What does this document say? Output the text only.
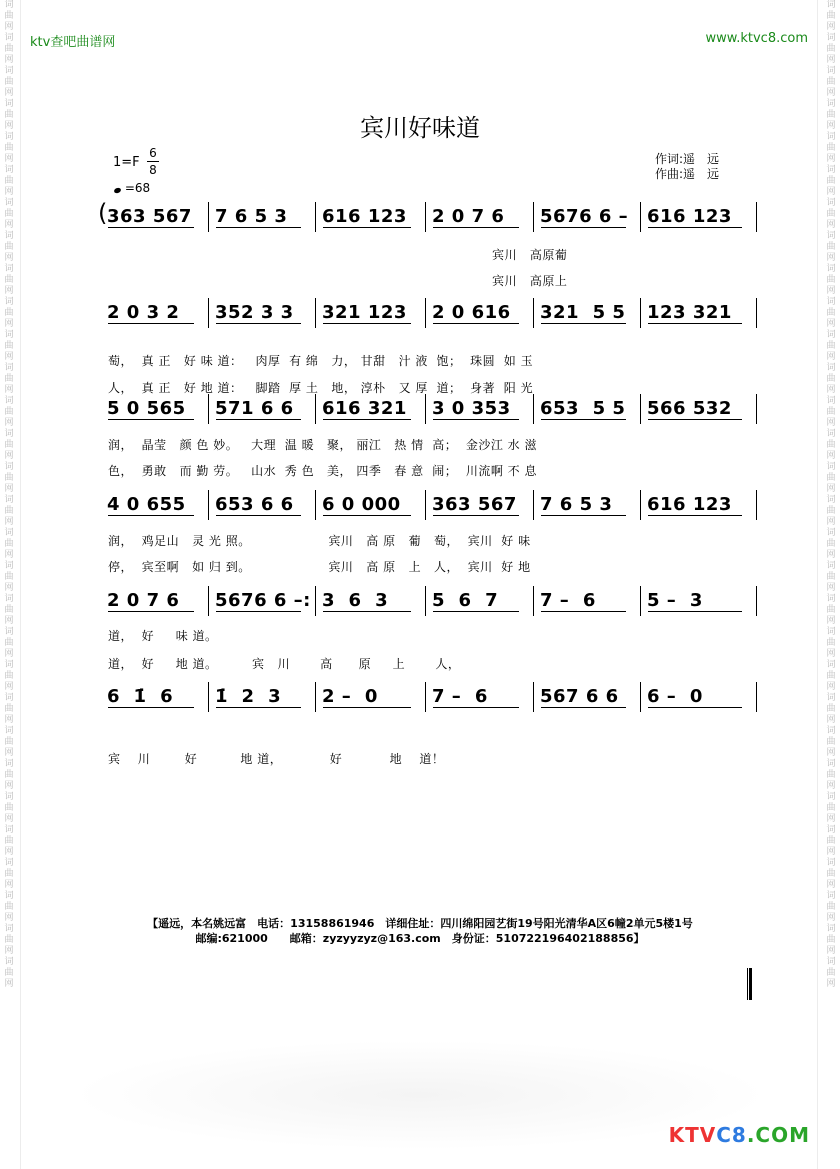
词曲网词曲网词曲网词曲网词曲网词曲网词曲网词曲网词曲网词曲网词曲网词曲网词曲网词曲网词曲网词曲网词曲网词曲网词曲网词曲网词曲网词曲网词曲网词曲网词曲网词曲网词曲网词曲网词曲网词曲网
词曲网词曲网词曲网词曲网词曲网词曲网词曲网词曲网词曲网词曲网词曲网词曲网词曲网词曲网词曲网词曲网词曲网词曲网词曲网词曲网词曲网词曲网词曲网词曲网词曲网词曲网词曲网词曲网词曲网词曲网
ktv查吧曲谱网	www.ktvc8.com
宾川好味道
1=F
6
8
=68
作词:遥　远
作曲:遥　远
( 363 567	7 6 5 3	616 123	2 0 7 6	5676 6 –	616 123
2 0 3 2	352 3 3	321 123	2 0 616	321  5 5	123 321
5 0 565	571 6 6	616 321	3 0 353	653  5 5	566 532
4 0 655	653 6 6	6 0 000	363 567	7 6 5 3	616 123
2 0 7 6	5676 6 –: 3  6  3	5  6  7	7 –  6	5 –  3
6  1̇  6	1̇  2  3	2 –  0	7 –  6	567 6 6	6 –  0
宾川   高原葡
宾川   高原上
萄，  真 正   好 味 道：   肉厚  有 绵   力， 甘甜   汁 液  饱；  珠圆  如 玉
人，  真 正   好 地 道：   脚踏  厚 土   地， 淳朴   又 厚  道；  身著  阳 光
润，  晶莹   颜 色 妙。   大理  温 暖   聚， 丽江   热 情  高；  金沙江 水 滋
色，  勇敢   而 勤 劳。   山水  秀 色   美， 四季   春 意  闹；  川流啊 不 息
润，  鸡足山   灵 光 照。                  宾川   高 原   葡   萄，  宾川  好 味
停，  宾至啊   如 归 到。                  宾川   高 原   上   人，  宾川  好 地
道，  好     味 道。
道，  好     地 道。        宾   川       高      原     上       人，
宾    川        好          地 道，           好           地    道！
【遥远，本名姚远富　电话：13158861946　详细住址：四川绵阳园艺街19号阳光清华A区6幢2单元5楼1号
邮编:621000　　邮箱：zyzyyzyz@163.com　身份证：510722196402188856】
KTVC8.COM
